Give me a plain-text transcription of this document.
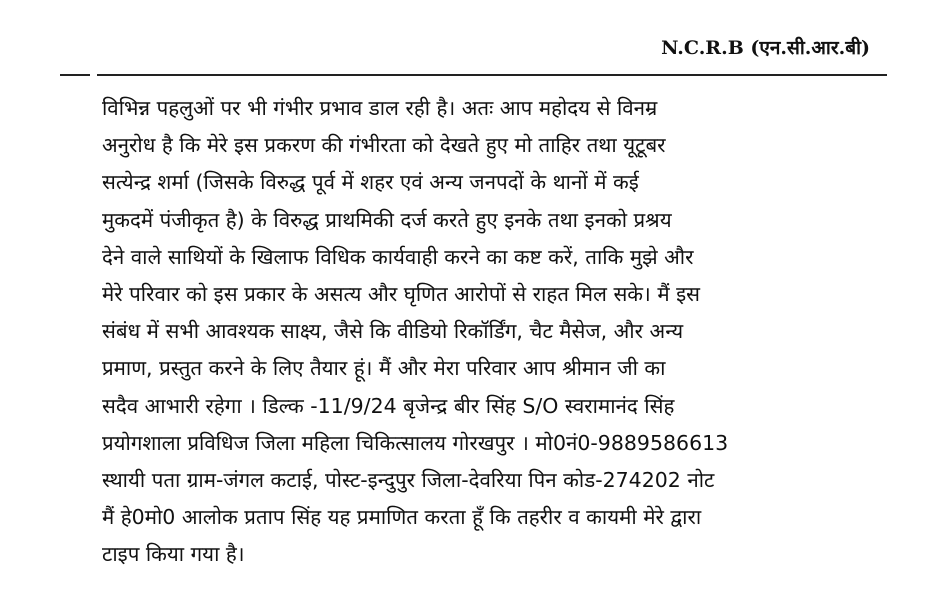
N.C.R.B (एन.सी.आर.बी)
विभिन्न पहलुओं पर भी गंभीर प्रभाव डाल रही है। अतः आप महोदय से विनम्र
अनुरोध है कि मेरे इस प्रकरण की गंभीरता को देखते हुए मो ताहिर तथा यूटूबर
सत्येन्द्र शर्मा (जिसके विरुद्ध पूर्व में शहर एवं अन्य जनपदों के थानों में कई
मुकदमें पंजीकृत है) के विरुद्ध प्राथमिकी दर्ज करते हुए इनके तथा इनको प्रश्रय
देने वाले साथियों के खिलाफ विधिक कार्यवाही करने का कष्ट करें, ताकि मुझे और
मेरे परिवार को इस प्रकार के असत्य और घृणित आरोपों से राहत मिल सके। मैं इस
संबंध में सभी आवश्यक साक्ष्य, जैसे कि वीडियो रिकॉर्डिंग, चैट मैसेज, और अन्य
प्रमाण, प्रस्तुत करने के लिए तैयार हूं। मैं और मेरा परिवार आप श्रीमान जी का
सदैव आभारी रहेगा । डिल्क -11/9/24 बृजेन्द्र बीर सिंह S/O स्वरामानंद सिंह
प्रयोगशाला प्रविधिज जिला महिला चिकित्सालय गोरखपुर । मो0नं0-9889586613
स्थायी पता ग्राम-जंगल कटाई, पोस्ट-इन्दुपुर जिला-देवरिया पिन कोड-274202 नोट
मैं हे0मो0 आलोक प्रताप सिंह यह प्रमाणित करता हूँ कि तहरीर व कायमी मेरे द्वारा
टाइप किया गया है।
